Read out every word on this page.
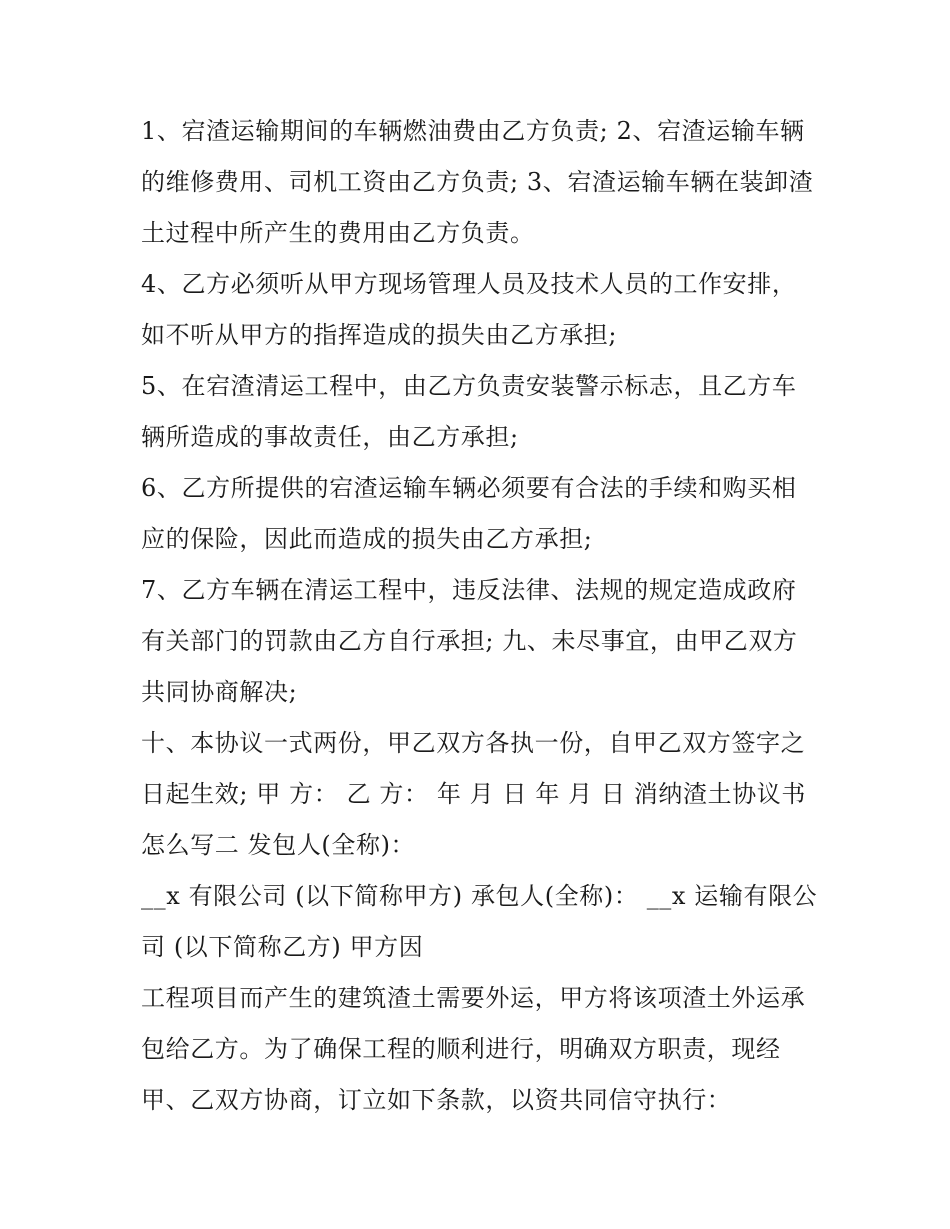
1、宕渣运输期间的车辆燃油费由乙方负责; 2、宕渣运输车辆
的维修费用、司机工资由乙方负责; 3、宕渣运输车辆在装卸渣
土过程中所产生的费用由乙方负责。
4、乙方必须听从甲方现场管理人员及技术人员的工作安排，
如不听从甲方的指挥造成的损失由乙方承担;
5、在宕渣清运工程中，由乙方负责安装警示标志，且乙方车
辆所造成的事故责任，由乙方承担;
6、乙方所提供的宕渣运输车辆必须要有合法的手续和购买相
应的保险，因此而造成的损失由乙方承担;
7、乙方车辆在清运工程中，违反法律、法规的规定造成政府
有关部门的罚款由乙方自行承担; 九、未尽事宜，由甲乙双方
共同协商解决;
十、本协议一式两份，甲乙双方各执一份，自甲乙双方签字之
日起生效; 甲 方： 乙 方： 年 月 日 年 月 日 消纳渣土协议书
怎么写二 发包人(全称)：
__x 有限公司 (以下简称甲方) 承包人(全称)： __x 运输有限公
司 (以下简称乙方) 甲方因
工程项目而产生的建筑渣土需要外运，甲方将该项渣土外运承
包给乙方。为了确保工程的顺利进行，明确双方职责，现经
甲、乙双方协商，订立如下条款，以资共同信守执行：
